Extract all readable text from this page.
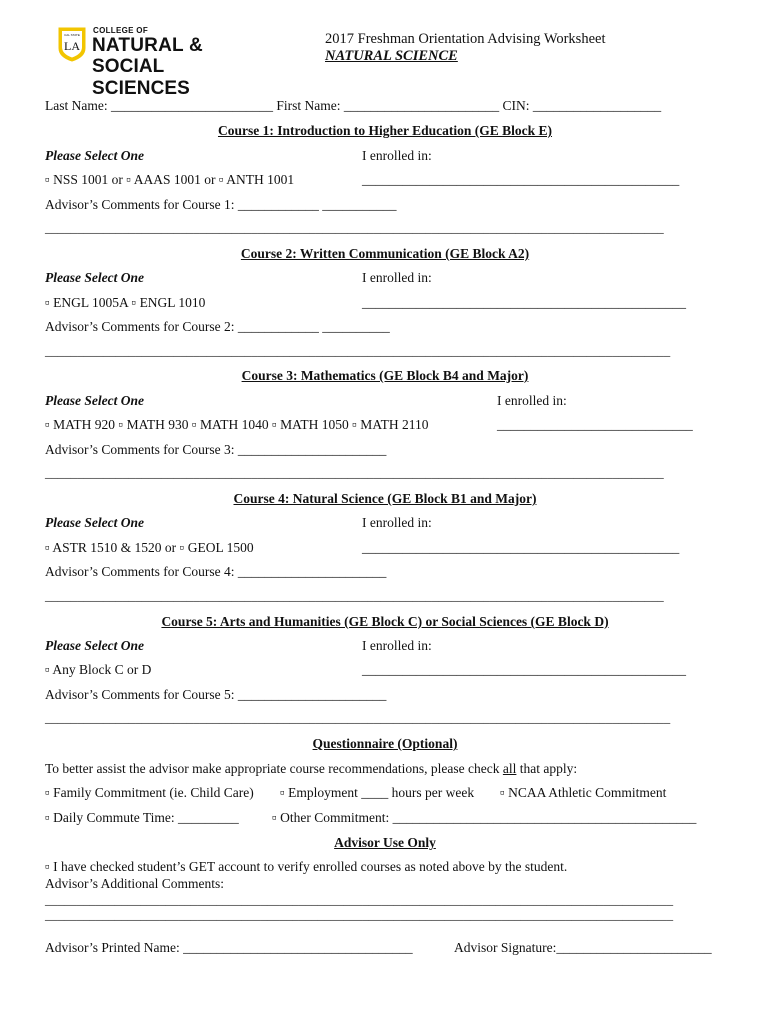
CAL STATE
LA
COLLEGE OF
NATURAL &
SOCIAL SCIENCES
2017 Freshman Orientation Advising Worksheet
NATURAL SCIENCE
Last Name: ________________________ First Name: _______________________ CIN: ___________________
Course 1: Introduction to Higher Education (GE Block E)
Please Select One	I enrolled in:
▫ NSS 1001 or ▫ AAAS 1001 or ▫ ANTH 1001	_______________________________________________
Advisor’s Comments for Course 1: ____________ ___________
________________________________________________________________________________________________
Course 2: Written Communication (GE Block A2)
Please Select One	I enrolled in:
▫ ENGL 1005A ▫ ENGL 1010	________________________________________________
Advisor’s Comments for Course 2: ____________ __________
_________________________________________________________________________________________________
Course 3: Mathematics (GE Block B4 and Major)
Please Select One	I enrolled in:
▫ MATH 920 ▫ MATH 930 ▫ MATH 1040 ▫ MATH 1050 ▫ MATH 2110	_____________________________
Advisor’s Comments for Course 3: ______________________
________________________________________________________________________________________________
Course 4: Natural Science (GE Block B1 and Major)
Please Select One	I enrolled in:
▫ ASTR 1510 & 1520 or ▫ GEOL 1500	_______________________________________________
Advisor’s Comments for Course 4: ______________________
________________________________________________________________________________________________
Course 5: Arts and Humanities (GE Block C) or Social Sciences (GE Block D)
Please Select One	I enrolled in:
▫ Any Block C or D	________________________________________________
Advisor’s Comments for Course 5: ______________________
_________________________________________________________________________________________________
Questionnaire (Optional)
To better assist the advisor make appropriate course recommendations, please check all that apply:
▫ Family Commitment (ie. Child Care) ▫ Employment ____ hours per week ▫ NCAA Athletic Commitment
▫ Daily Commute Time: _________ ▫ Other Commitment: _____________________________________________
Advisor Use Only
▫ I have checked student’s GET account to verify enrolled courses as noted above by the student.
Advisor’s Additional Comments:
___________________________________________________________________________________________________
___________________________________________________________________________________________________
Advisor’s Printed Name: __________________________________	Advisor Signature:_______________________
